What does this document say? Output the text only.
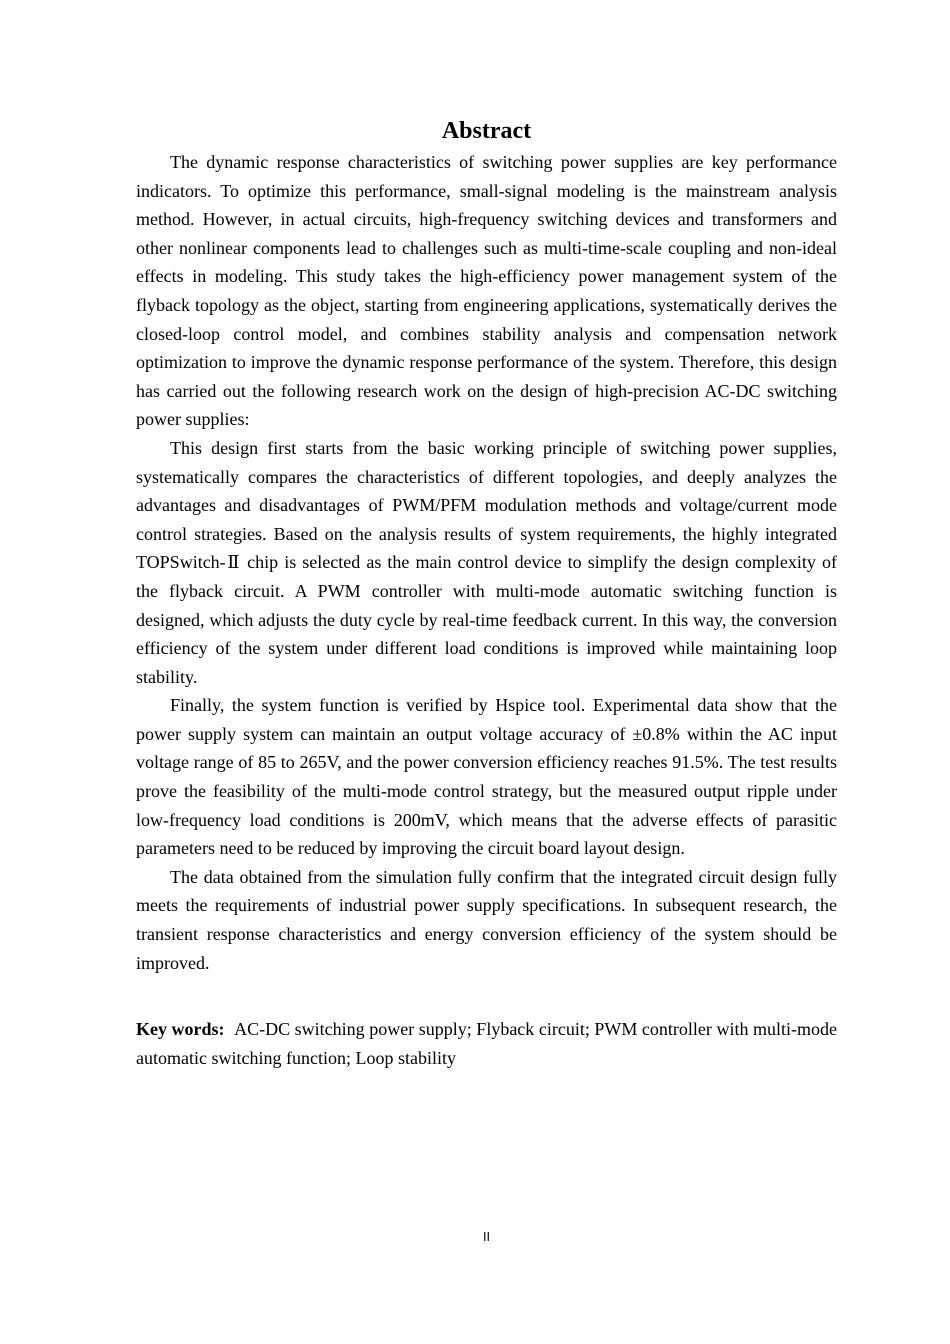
Abstract

The dynamic response characteristics of switching power supplies are key performance indicators. To optimize this performance, small-signal modeling is the mainstream analysis method. However, in actual circuits, high-frequency switching devices and transformers and other nonlinear components lead to challenges such as multi-time-scale coupling and non-ideal effects in modeling. This study takes the high-efficiency power management system of the flyback topology as the object, starting from engineering applications, systematically derives the closed-loop control model, and combines stability analysis and compensation network optimization to improve the dynamic response performance of the system. Therefore, this design has carried out the following research work on the design of high-precision AC-DC switching power supplies:

This design first starts from the basic working principle of switching power supplies, systematically compares the characteristics of different topologies, and deeply analyzes the advantages and disadvantages of PWM/PFM modulation methods and voltage/current mode control strategies. Based on the analysis results of system requirements, the highly integrated TOPSwitch-Ⅱ chip is selected as the main control device to simplify the design complexity of the flyback circuit. A PWM controller with multi-mode automatic switching function is designed, which adjusts the duty cycle by real-time feedback current. In this way, the conversion efficiency of the system under different load conditions is improved while maintaining loop stability.

Finally, the system function is verified by Hspice tool. Experimental data show that the power supply system can maintain an output voltage accuracy of ±0.8% within the AC input voltage range of 85 to 265V, and the power conversion efficiency reaches 91.5%. The test results prove the feasibility of the multi-mode control strategy, but the measured output ripple under low-frequency load conditions is 200mV, which means that the adverse effects of parasitic parameters need to be reduced by improving the circuit board layout design.

The data obtained from the simulation fully confirm that the integrated circuit design fully meets the requirements of industrial power supply specifications. In subsequent research, the transient response characteristics and energy conversion efficiency of the system should be improved.

Key words: AC-DC switching power supply; Flyback circuit; PWM controller with multi-mode automatic switching function; Loop stability
II
